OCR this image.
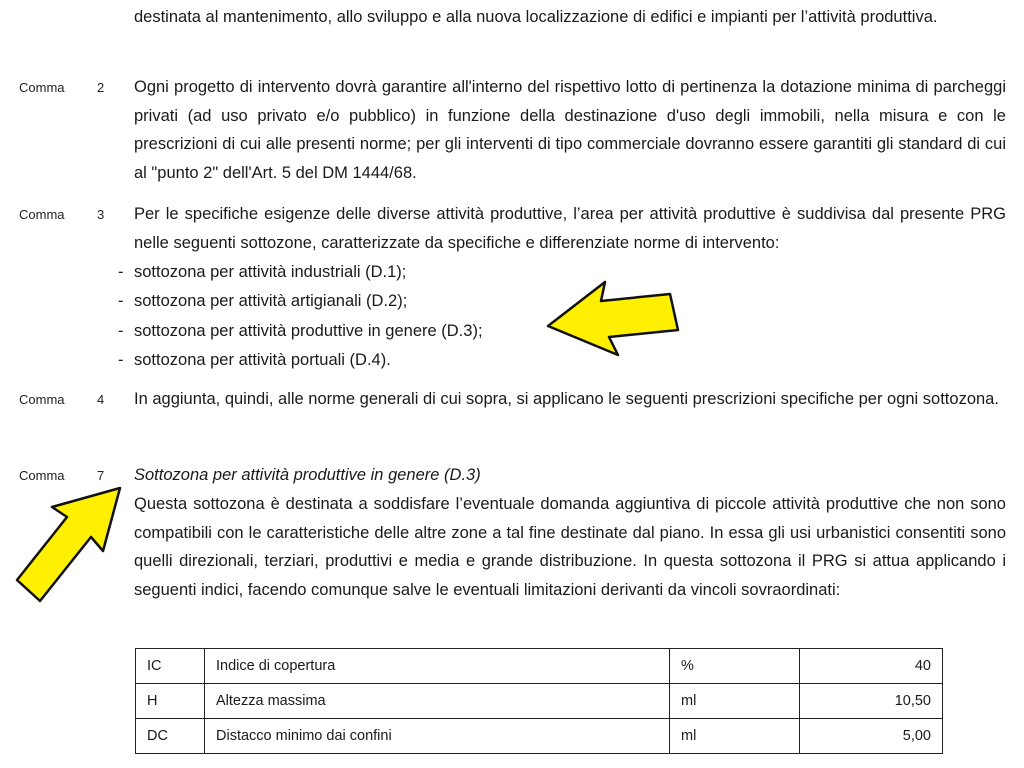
destinata al mantenimento, allo sviluppo e alla nuova localizzazione di edifici e impianti per l’attività produttiva.

Comma 2 Ogni progetto di intervento dovrà garantire all'interno del rispettivo lotto di pertinenza la dotazione minima di parcheggi privati (ad uso privato e/o pubblico) in funzione della destinazione d'uso degli immobili, nella misura e con le prescrizioni di cui alle presenti norme; per gli interventi di tipo commerciale dovranno essere garantiti gli standard di cui al "punto 2" dell'Art. 5 del DM 1444/68.

Comma 3 Per le specifiche esigenze delle diverse attività produttive, l’area per attività produttive è suddivisa dal presente PRG nelle seguenti sottozone, caratterizzate da specifiche e differenziate norme di intervento:

- sottozona per attività industriali (D.1);
- sottozona per attività artigianali (D.2);
- sottozona per attività produttive in genere (D.3);
- sottozona per attività portuali (D.4).
Comma 4 In aggiunta, quindi, alle norme generali di cui sopra, si applicano le seguenti prescrizioni specifiche per ogni sottozona.

Comma 7 Sottozona per attività produttive in genere (D.3)

Questa sottozona è destinata a soddisfare l’eventuale domanda aggiuntiva di piccole attività produttive che non sono compatibili con le caratteristiche delle altre zone a tal fine destinate dal piano. In essa gli usi urbanistici consentiti sono quelli direzionali, terziari, produttivi e media e grande distribuzione. In questa sottozona il PRG si attua applicando i seguenti indici, facendo comunque salve le eventuali limitazioni derivanti da vincoli sovraordinati:

IC	Indice di copertura	%	40
H	Altezza massima	ml	10,50
DC	Distacco minimo dai confini	ml	5,00
